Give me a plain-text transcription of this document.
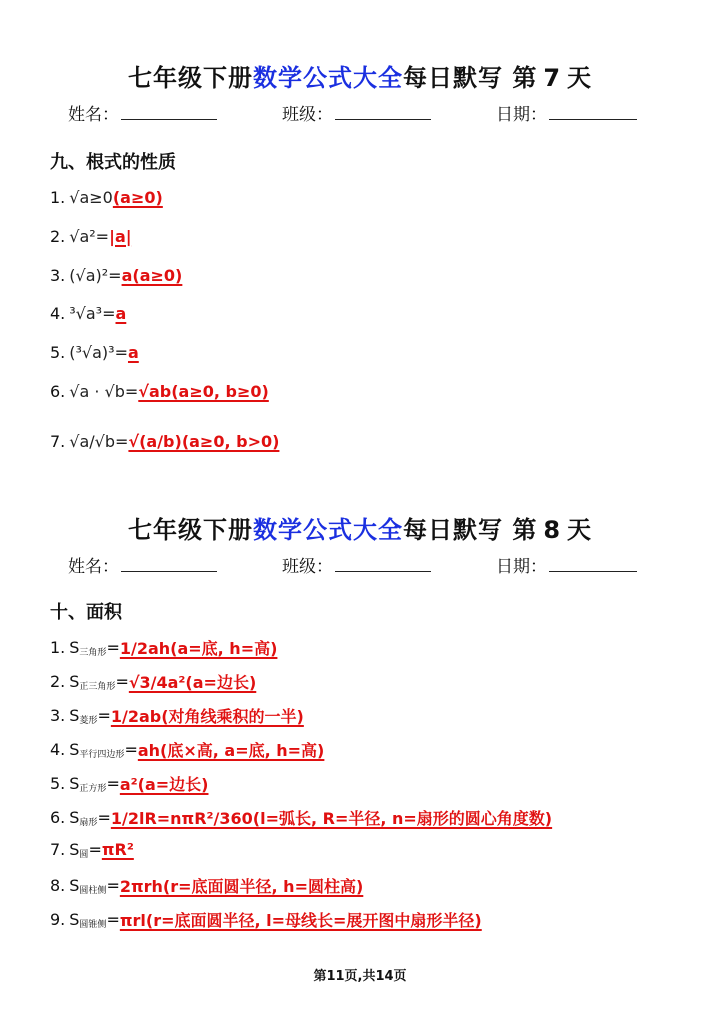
七年级下册数学公式大全每日默写 第 7 天
姓名：	班级：	日期：
九、根式的性质
1. √a≥0 (a≥0)
2. √a²= |a|
3. (√a)²= a(a≥0)
4. ³√a³= a
5. (³√a)³= a
6. √a · √b= √ab(a≥0, b≥0)
7. √a/√b= √(a/b)(a≥0, b>0)
七年级下册数学公式大全每日默写 第 8 天
姓名：	班级：	日期：
十、面积
1. S 三角形 = 1/2ah(a=底, h=高)
2. S 正三角形 = √3/4a²(a=边长)
3. S 菱形 = 1/2ab(对角线乘积的一半)
4. S 平行四边形 = ah(底×高, a=底, h=高)
5. S 正方形 = a²(a=边长)
6. S 扇形 = 1/2lR=nπR²/360(l=弧长, R=半径, n=扇形的圆心角度数)
7. S 圆 = πR²
8. S 圆柱侧 = 2πrh(r=底面圆半径, h=圆柱高)
9. S 圆锥侧 = πrl(r=底面圆半径, l=母线长=展开图中扇形半径)
第11页,共14页
